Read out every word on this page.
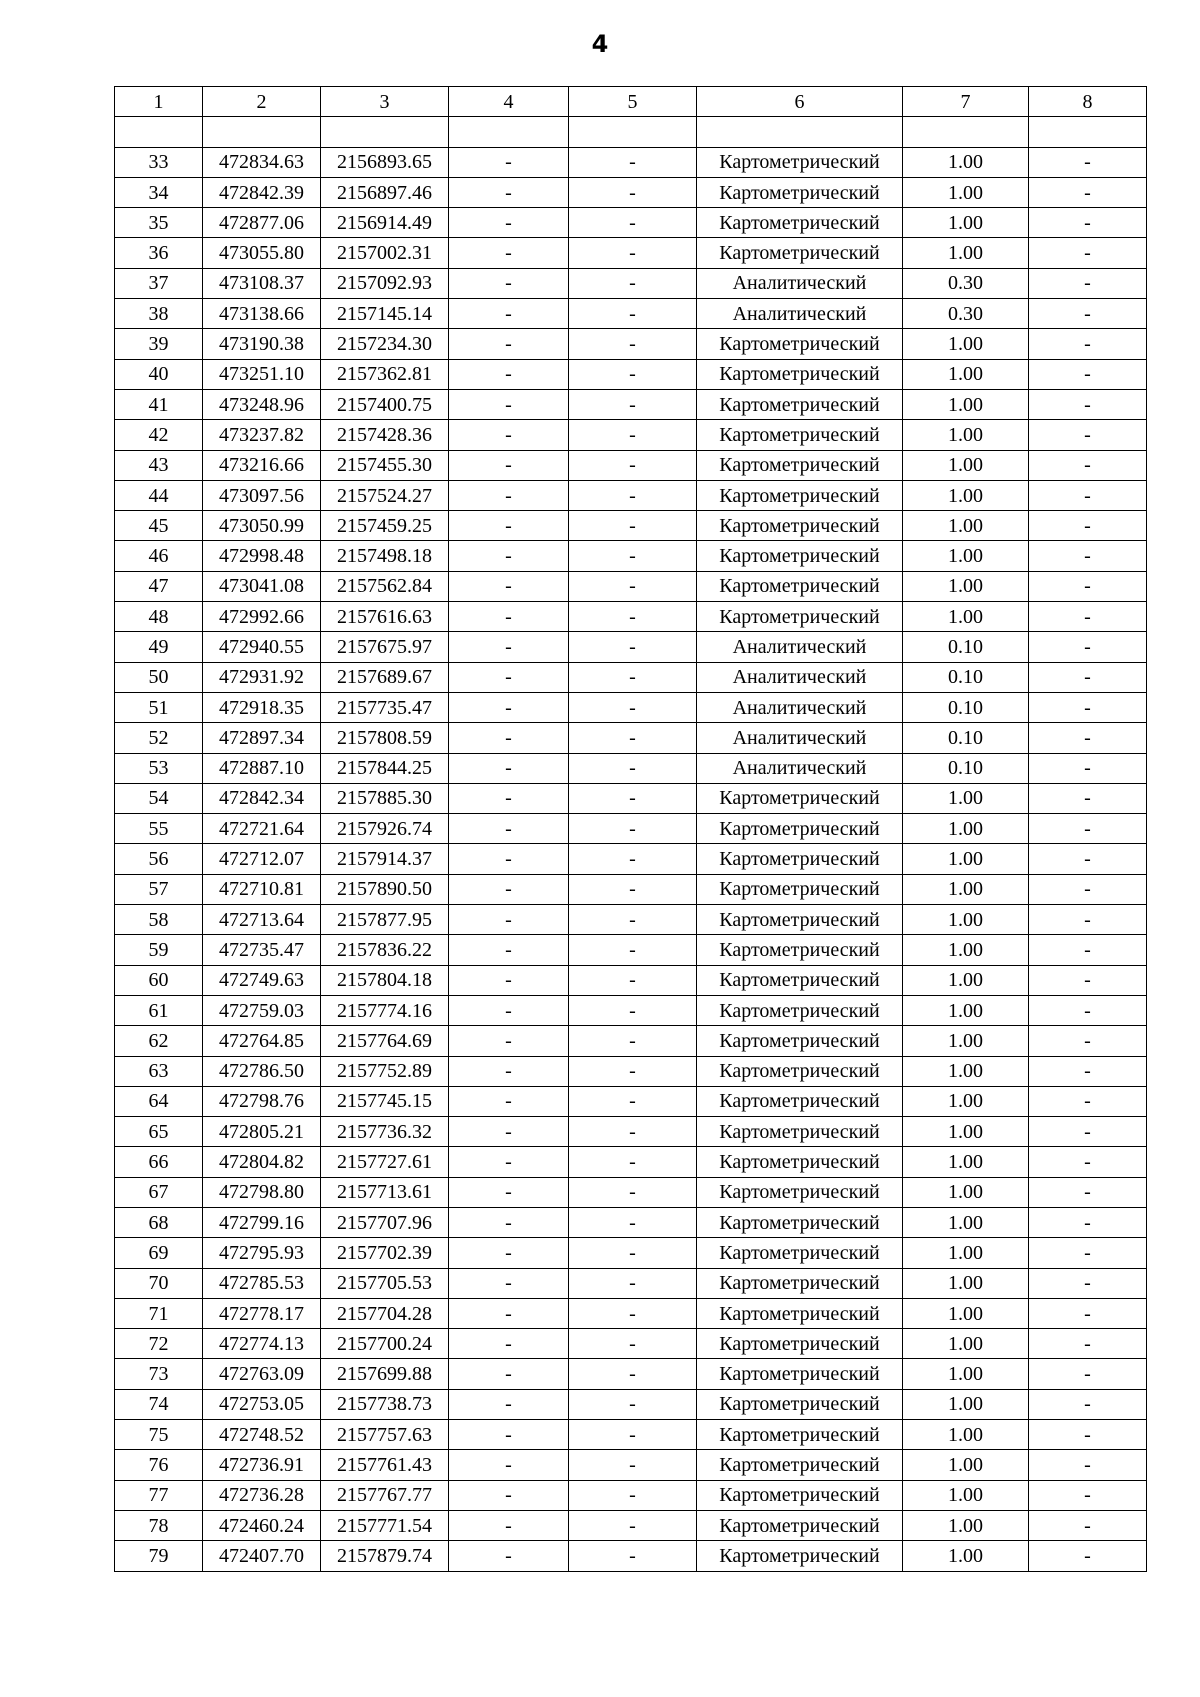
4
1	2	3	4	5	6	7	8

33	472834.63	2156893.65	-	-	Картометрический	1.00	-
34	472842.39	2156897.46	-	-	Картометрический	1.00	-
35	472877.06	2156914.49	-	-	Картометрический	1.00	-
36	473055.80	2157002.31	-	-	Картометрический	1.00	-
37	473108.37	2157092.93	-	-	Аналитический	0.30	-
38	473138.66	2157145.14	-	-	Аналитический	0.30	-
39	473190.38	2157234.30	-	-	Картометрический	1.00	-
40	473251.10	2157362.81	-	-	Картометрический	1.00	-
41	473248.96	2157400.75	-	-	Картометрический	1.00	-
42	473237.82	2157428.36	-	-	Картометрический	1.00	-
43	473216.66	2157455.30	-	-	Картометрический	1.00	-
44	473097.56	2157524.27	-	-	Картометрический	1.00	-
45	473050.99	2157459.25	-	-	Картометрический	1.00	-
46	472998.48	2157498.18	-	-	Картометрический	1.00	-
47	473041.08	2157562.84	-	-	Картометрический	1.00	-
48	472992.66	2157616.63	-	-	Картометрический	1.00	-
49	472940.55	2157675.97	-	-	Аналитический	0.10	-
50	472931.92	2157689.67	-	-	Аналитический	0.10	-
51	472918.35	2157735.47	-	-	Аналитический	0.10	-
52	472897.34	2157808.59	-	-	Аналитический	0.10	-
53	472887.10	2157844.25	-	-	Аналитический	0.10	-
54	472842.34	2157885.30	-	-	Картометрический	1.00	-
55	472721.64	2157926.74	-	-	Картометрический	1.00	-
56	472712.07	2157914.37	-	-	Картометрический	1.00	-
57	472710.81	2157890.50	-	-	Картометрический	1.00	-
58	472713.64	2157877.95	-	-	Картометрический	1.00	-
59	472735.47	2157836.22	-	-	Картометрический	1.00	-
60	472749.63	2157804.18	-	-	Картометрический	1.00	-
61	472759.03	2157774.16	-	-	Картометрический	1.00	-
62	472764.85	2157764.69	-	-	Картометрический	1.00	-
63	472786.50	2157752.89	-	-	Картометрический	1.00	-
64	472798.76	2157745.15	-	-	Картометрический	1.00	-
65	472805.21	2157736.32	-	-	Картометрический	1.00	-
66	472804.82	2157727.61	-	-	Картометрический	1.00	-
67	472798.80	2157713.61	-	-	Картометрический	1.00	-
68	472799.16	2157707.96	-	-	Картометрический	1.00	-
69	472795.93	2157702.39	-	-	Картометрический	1.00	-
70	472785.53	2157705.53	-	-	Картометрический	1.00	-
71	472778.17	2157704.28	-	-	Картометрический	1.00	-
72	472774.13	2157700.24	-	-	Картометрический	1.00	-
73	472763.09	2157699.88	-	-	Картометрический	1.00	-
74	472753.05	2157738.73	-	-	Картометрический	1.00	-
75	472748.52	2157757.63	-	-	Картометрический	1.00	-
76	472736.91	2157761.43	-	-	Картометрический	1.00	-
77	472736.28	2157767.77	-	-	Картометрический	1.00	-
78	472460.24	2157771.54	-	-	Картометрический	1.00	-
79	472407.70	2157879.74	-	-	Картометрический	1.00	-
